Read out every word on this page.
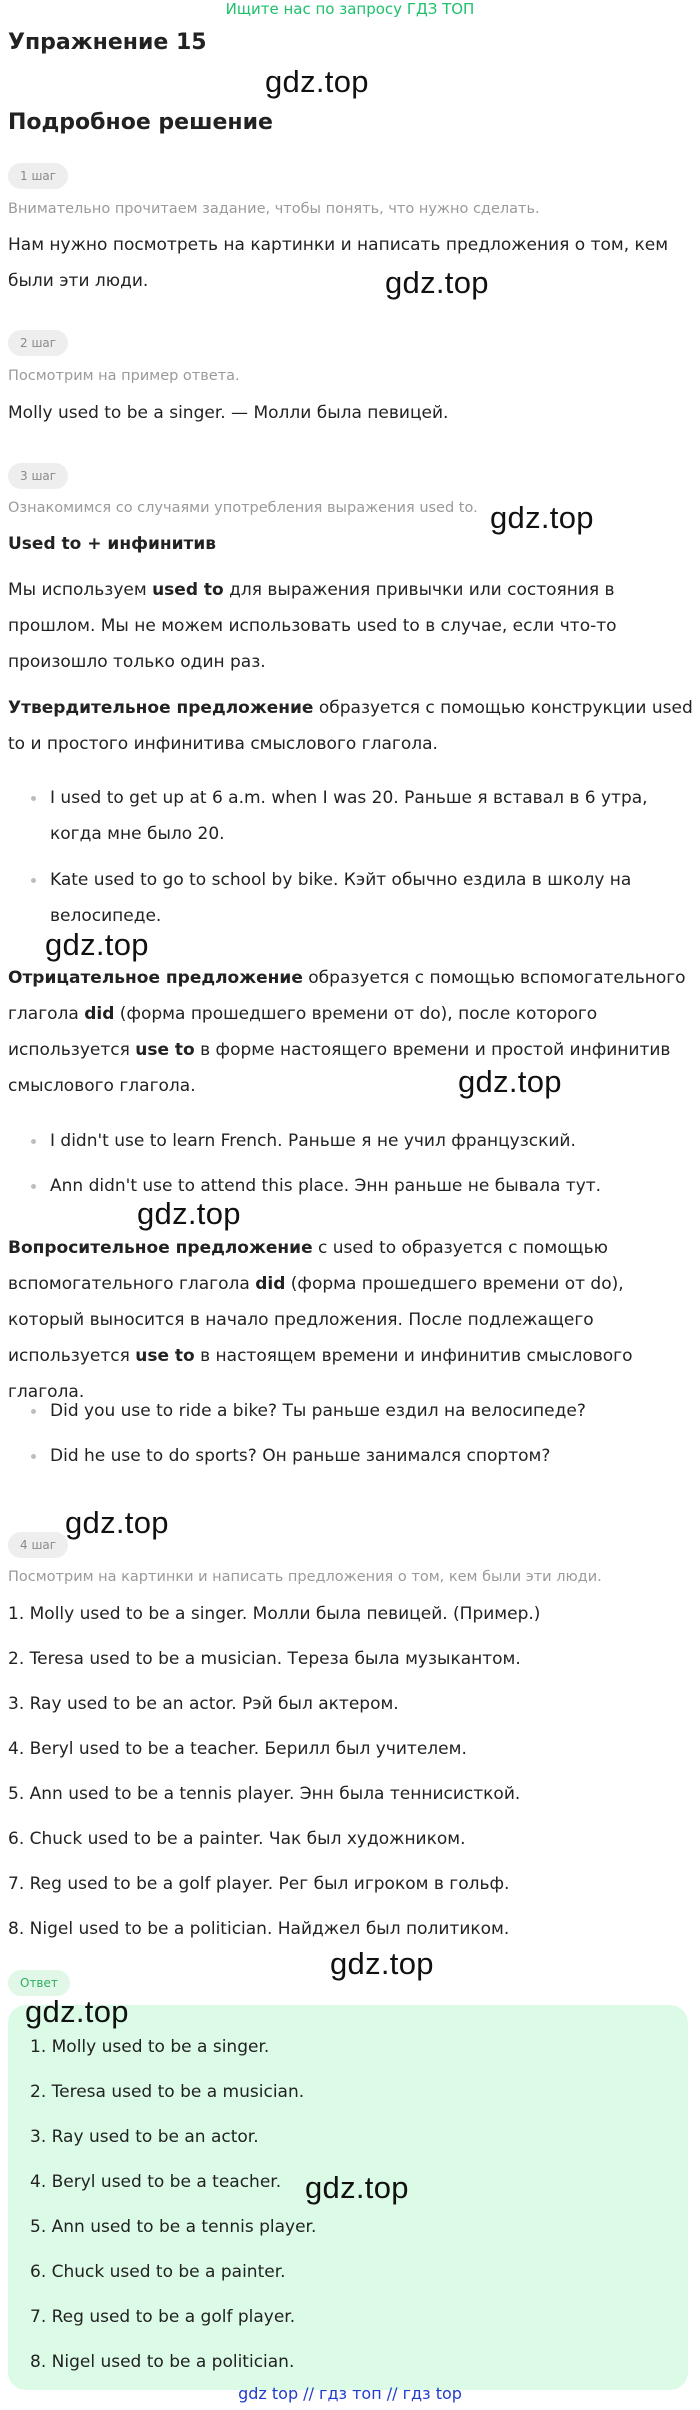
Ищите нас по запросу ГДЗ ТОП
Упражнение 15
gdz.top
gdz.top
gdz.top
gdz.top
gdz.top
gdz.top
gdz.top
gdz.top
Подробное решение
1 шаг
Внимательно прочитаем задание, чтобы понять, что нужно сделать.
Нам нужно посмотреть на картинки и написать предложения о том, кем были эти люди.
2 шаг
Посмотрим на пример ответа.
Molly used to be a singer. — Молли была певицей.
3 шаг
Ознакомимся со случаями употребления выражения used to.
Used to + инфинитив
Мы используем used to для выражения привычки или состояния в прошлом. Мы не можем использовать used to в случае, если что-то произошло только один раз.
Утвердительное предложение образуется с помощью конструкции used to и простого инфинитива смыслового глагола.
I used to get up at 6 a.m. when I was 20. Раньше я вставал в 6 утра, когда мне было 20.
Kate used to go to school by bike. Кэйт обычно ездила в школу на велосипеде.
Отрицательное предложение образуется с помощью вспомогательного глагола did (форма прошедшего времени от do), после которого используется use to в форме настоящего времени и простой инфинитив смыслового глагола.
I didn't use to learn French. Раньше я не учил французский.
Ann didn't use to attend this place. Энн раньше не бывала тут.
Вопросительное предложение с used to образуется с помощью вспомогательного глагола did (форма прошедшего времени от do), который выносится в начало предложения. После подлежащего используется use to в настоящем времени и инфинитив смыслового глагола.
Did you use to ride a bike? Ты раньше ездил на велосипеде?
Did he use to do sports? Он раньше занимался спортом?
4 шаг
Посмотрим на картинки и написать предложения о том, кем были эти люди.
1. Molly used to be a singer. Молли была певицей. (Пример.)
2. Teresa used to be a musician. Тереза была музыкантом.
3. Ray used to be an actor. Рэй был актером.
4. Beryl used to be a teacher. Берилл был учителем.
5. Ann used to be a tennis player. Энн была теннисисткой.
6. Chuck used to be a painter. Чак был художником.
7. Reg used to be a golf player. Рег был игроком в гольф.
8. Nigel used to be a politician. Найджел был политиком.
Ответ
gdz.top
gdz.top
1. Molly used to be a singer.
2. Teresa used to be a musician.
3. Ray used to be an actor.
4. Beryl used to be a teacher.
5. Ann used to be a tennis player.
6. Chuck used to be a painter.
7. Reg used to be a golf player.
8. Nigel used to be a politician.
gdz top // гдз топ // гдз top
